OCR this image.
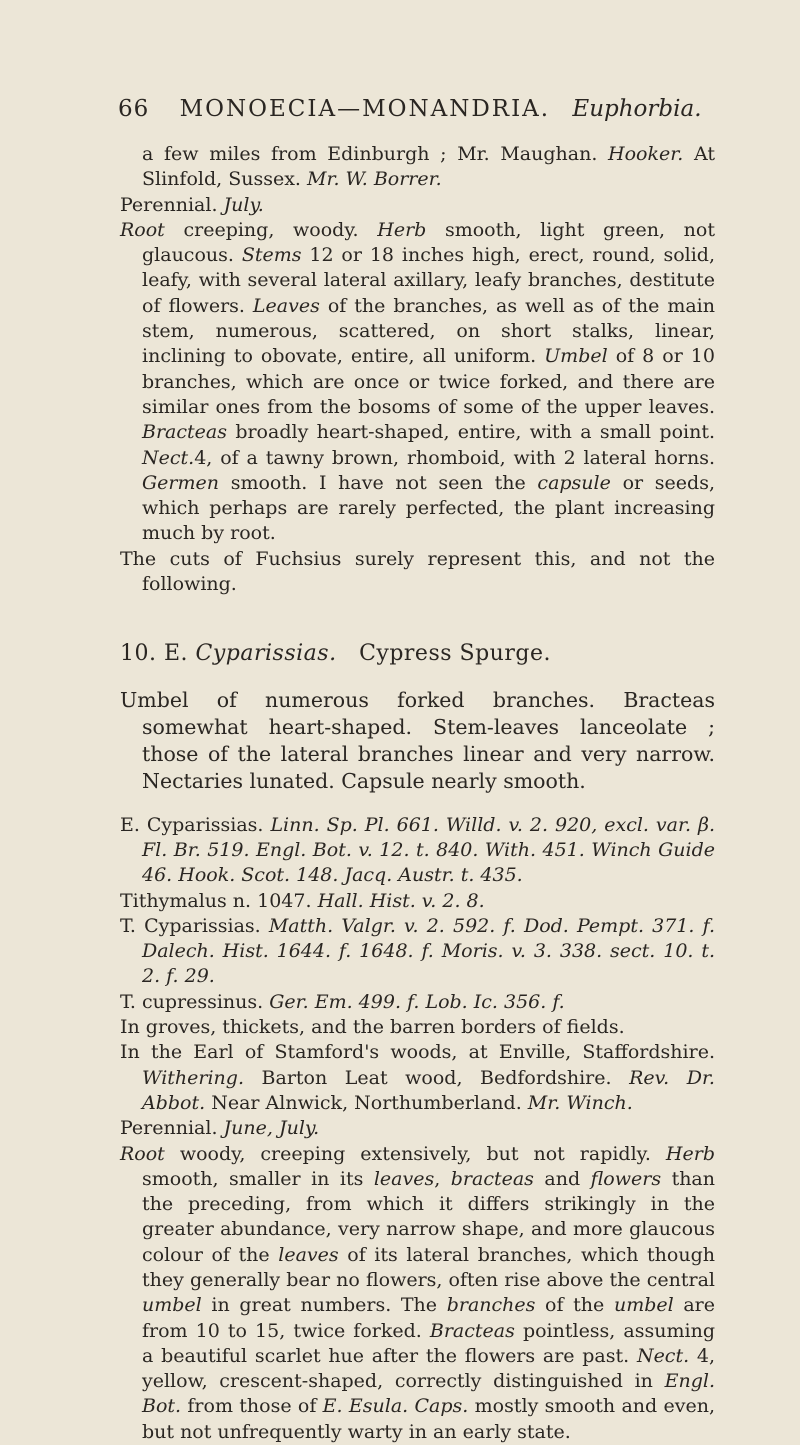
66 MONOECIA—MONANDRIA. Euphorbia.

a few miles from Edinburgh ; Mr. Maughan. Hooker. At Slinfold, Sussex. Mr. W. Borrer.

Perennial. July.

Root creeping, woody. Herb smooth, light green, not glaucous. Stems 12 or 18 inches high, erect, round, solid, leafy, with several lateral axillary, leafy branches, destitute of flowers. Leaves of the branches, as well as of the main stem, numerous, scattered, on short stalks, linear, inclining to obovate, entire, all uniform. Umbel of 8 or 10 branches, which are once or twice forked, and there are similar ones from the bosoms of some of the upper leaves. Bracteas broadly heart-shaped, entire, with a small point. Nect.4, of a tawny brown, rhomboid, with 2 lateral horns. Germen smooth. I have not seen the capsule or seeds, which perhaps are rarely perfected, the plant increasing much by root.

The cuts of Fuchsius surely represent this, and not the following.

10. E. Cyparissias. Cypress Spurge.

Umbel of numerous forked branches. Bracteas somewhat heart-shaped. Stem-leaves lanceolate ; those of the lateral branches linear and very narrow. Nectaries lunated. Capsule nearly smooth.

E. Cyparissias. Linn. Sp. Pl. 661. Willd. v. 2. 920, excl. var. β. Fl. Br. 519. Engl. Bot. v. 12. t. 840. With. 451. Winch Guide 46. Hook. Scot. 148. Jacq. Austr. t. 435.

Tithymalus n. 1047. Hall. Hist. v. 2. 8.

T. Cyparissias. Matth. Valgr. v. 2. 592. f. Dod. Pempt. 371. f. Dalech. Hist. 1644. f. 1648. f. Moris. v. 3. 338. sect. 10. t. 2. f. 29.

T. cupressinus. Ger. Em. 499. f. Lob. Ic. 356. f.

In groves, thickets, and the barren borders of fields.

In the Earl of Stamford's woods, at Enville, Staffordshire. Withering. Barton Leat wood, Bedfordshire. Rev. Dr. Abbot. Near Alnwick, Northumberland. Mr. Winch.

Perennial. June, July.

Root woody, creeping extensively, but not rapidly. Herb smooth, smaller in its leaves, bracteas and flowers than the preceding, from which it differs strikingly in the greater abundance, very narrow shape, and more glaucous colour of the leaves of its lateral branches, which though they generally bear no flowers, often rise above the central umbel in great numbers. The branches of the umbel are from 10 to 15, twice forked. Bracteas pointless, assuming a beautiful scarlet hue after the flowers are past. Nect. 4, yellow, crescent-shaped, correctly distinguished in Engl. Bot. from those of E. Esula. Caps. mostly smooth and even, but not unfrequently warty in an early state.
